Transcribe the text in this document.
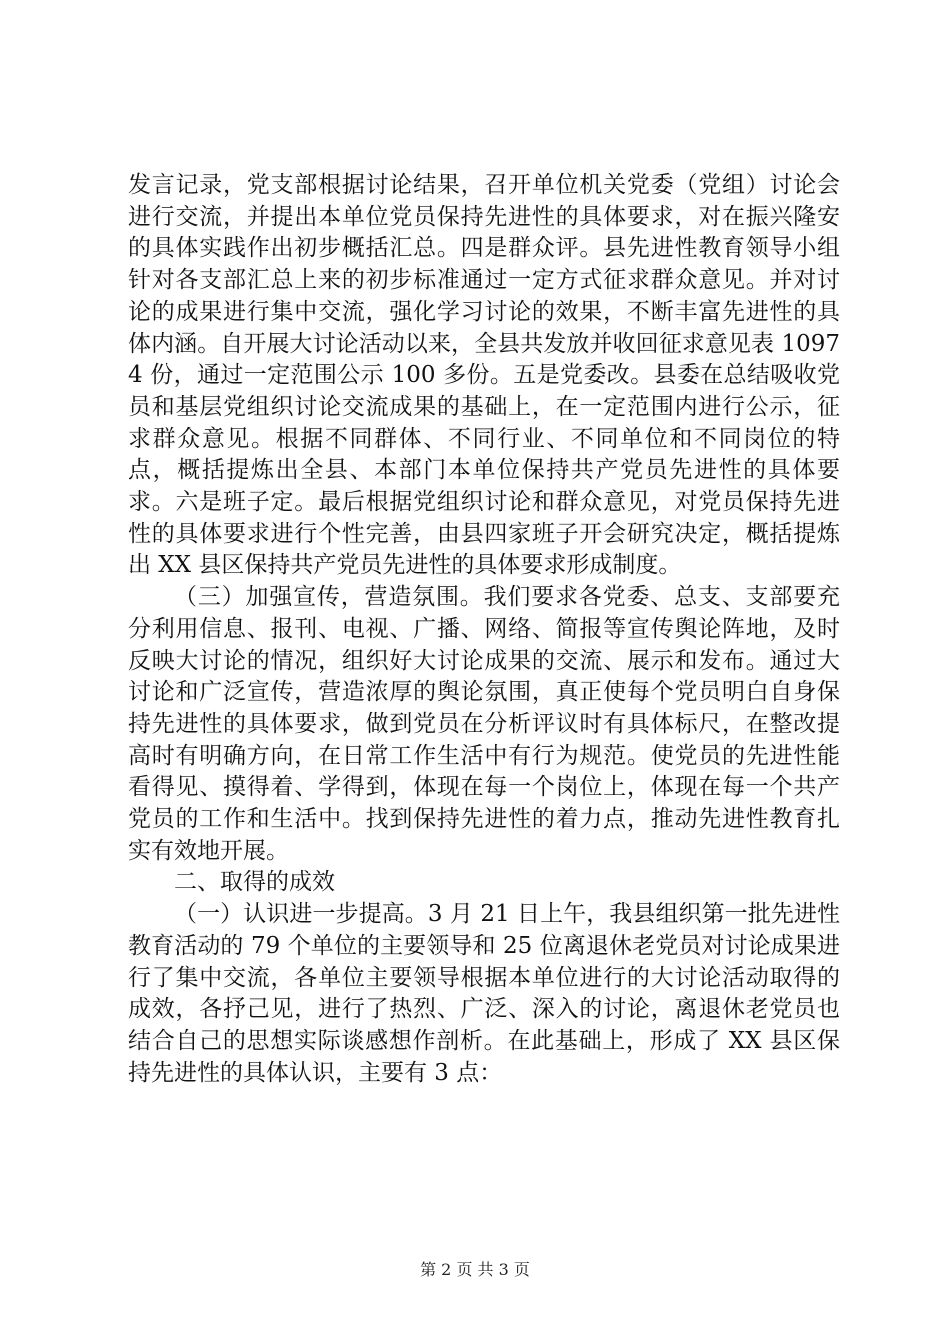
发言记录，党支部根据讨论结果，召开单位机关党委（党组）讨论会进行交流，并提出本单位党员保持先进性的具体要求，对在振兴隆安的具体实践作出初步概括汇总。四是群众评。县先进性教育领导小组针对各支部汇总上来的初步标准通过一定方式征求群众意见。并对讨论的成果进行集中交流，强化学习讨论的效果，不断丰富先进性的具体内涵。自开展大讨论活动以来，全县共发放并收回征求意见表 10974 份，通过一定范围公示 100 多份。五是党委改。县委在总结吸收党员和基层党组织讨论交流成果的基础上，在一定范围内进行公示，征求群众意见。根据不同群体、不同行业、不同单位和不同岗位的特点，概括提炼出全县、本部门本单位保持共产党员先进性的具体要求。六是班子定。最后根据党组织讨论和群众意见，对党员保持先进性的具体要求进行个性完善，由县四家班子开会研究决定，概括提炼出 XX 县区保持共产党员先进性的具体要求形成制度。

（三）加强宣传，营造氛围。我们要求各党委、总支、支部要充分利用信息、报刊、电视、广播、网络、简报等宣传舆论阵地，及时反映大讨论的情况，组织好大讨论成果的交流、展示和发布。通过大讨论和广泛宣传，营造浓厚的舆论氛围，真正使每个党员明白自身保持先进性的具体要求，做到党员在分析评议时有具体标尺，在整改提高时有明确方向，在日常工作生活中有行为规范。使党员的先进性能看得见、摸得着、学得到，体现在每一个岗位上，体现在每一个共产党员的工作和生活中。找到保持先进性的着力点，推动先进性教育扎实有效地开展。

二、取得的成效

（一）认识进一步提高。3 月 21 日上午，我县组织第一批先进性教育活动的 79 个单位的主要领导和 25 位离退休老党员对讨论成果进行了集中交流，各单位主要领导根据本单位进行的大讨论活动取得的成效，各抒己见，进行了热烈、广泛、深入的讨论，离退休老党员也结合自己的思想实际谈感想作剖析。在此基础上，形成了 XX 县区保持先进性的具体认识，主要有 3 点：

第 2 页 共 3 页
